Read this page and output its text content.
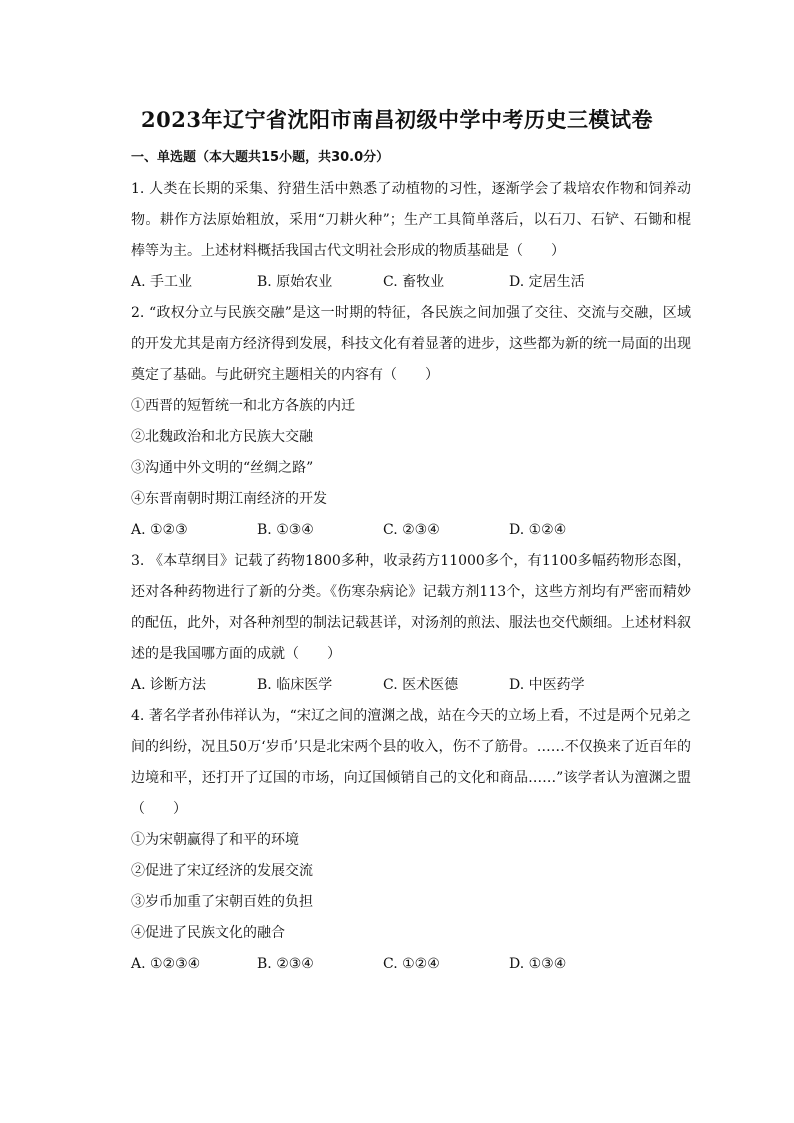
2023年辽宁省沈阳市南昌初级中学中考历史三模试卷
一、单选题（本大题共15小题，共30.0分）
1. 人类在长期的采集、狩猎生活中熟悉了动植物的习性，逐渐学会了栽培农作物和饲养动物。耕作方法原始粗放，采用“刀耕火种”；生产工具简单落后，以石刀、石铲、石锄和棍棒等为主。上述材料概括我国古代文明社会形成的物质基础是（　　）
A. 手工业	B. 原始农业	C. 畜牧业	D. 定居生活
2. “政权分立与民族交融”是这一时期的特征，各民族之间加强了交往、交流与交融，区域的开发尤其是南方经济得到发展，科技文化有着显著的进步，这些都为新的统一局面的出现奠定了基础。与此研究主题相关的内容有（　　）
①西晋的短暂统一和北方各族的内迁
②北魏政治和北方民族大交融
③沟通中外文明的“丝绸之路”
④东晋南朝时期江南经济的开发
A. ①②③	B. ①③④	C. ②③④	D. ①②④
3. 《本草纲目》记载了药物1800多种，收录药方11000多个，有1100多幅药物形态图，还对各种药物进行了新的分类。《伤寒杂病论》记载方剂113个，这些方剂均有严密而精妙的配伍，此外，对各种剂型的制法记载甚详，对汤剂的煎法、服法也交代颇细。上述材料叙述的是我国哪方面的成就（　　）
A. 诊断方法	B. 临床医学	C. 医术医德	D. 中医药学
4. 著名学者孙伟祥认为，“宋辽之间的澶渊之战，站在今天的立场上看，不过是两个兄弟之间的纠纷，况且50万‘岁币’只是北宋两个县的收入，伤不了筋骨。……不仅换来了近百年的边境和平，还打开了辽国的市场，向辽国倾销自己的文化和商品……”该学者认为澶渊之盟（　　）
①为宋朝赢得了和平的环境
②促进了宋辽经济的发展交流
③岁币加重了宋朝百姓的负担
④促进了民族文化的融合
A. ①②③④	B. ②③④	C. ①②④	D. ①③④
